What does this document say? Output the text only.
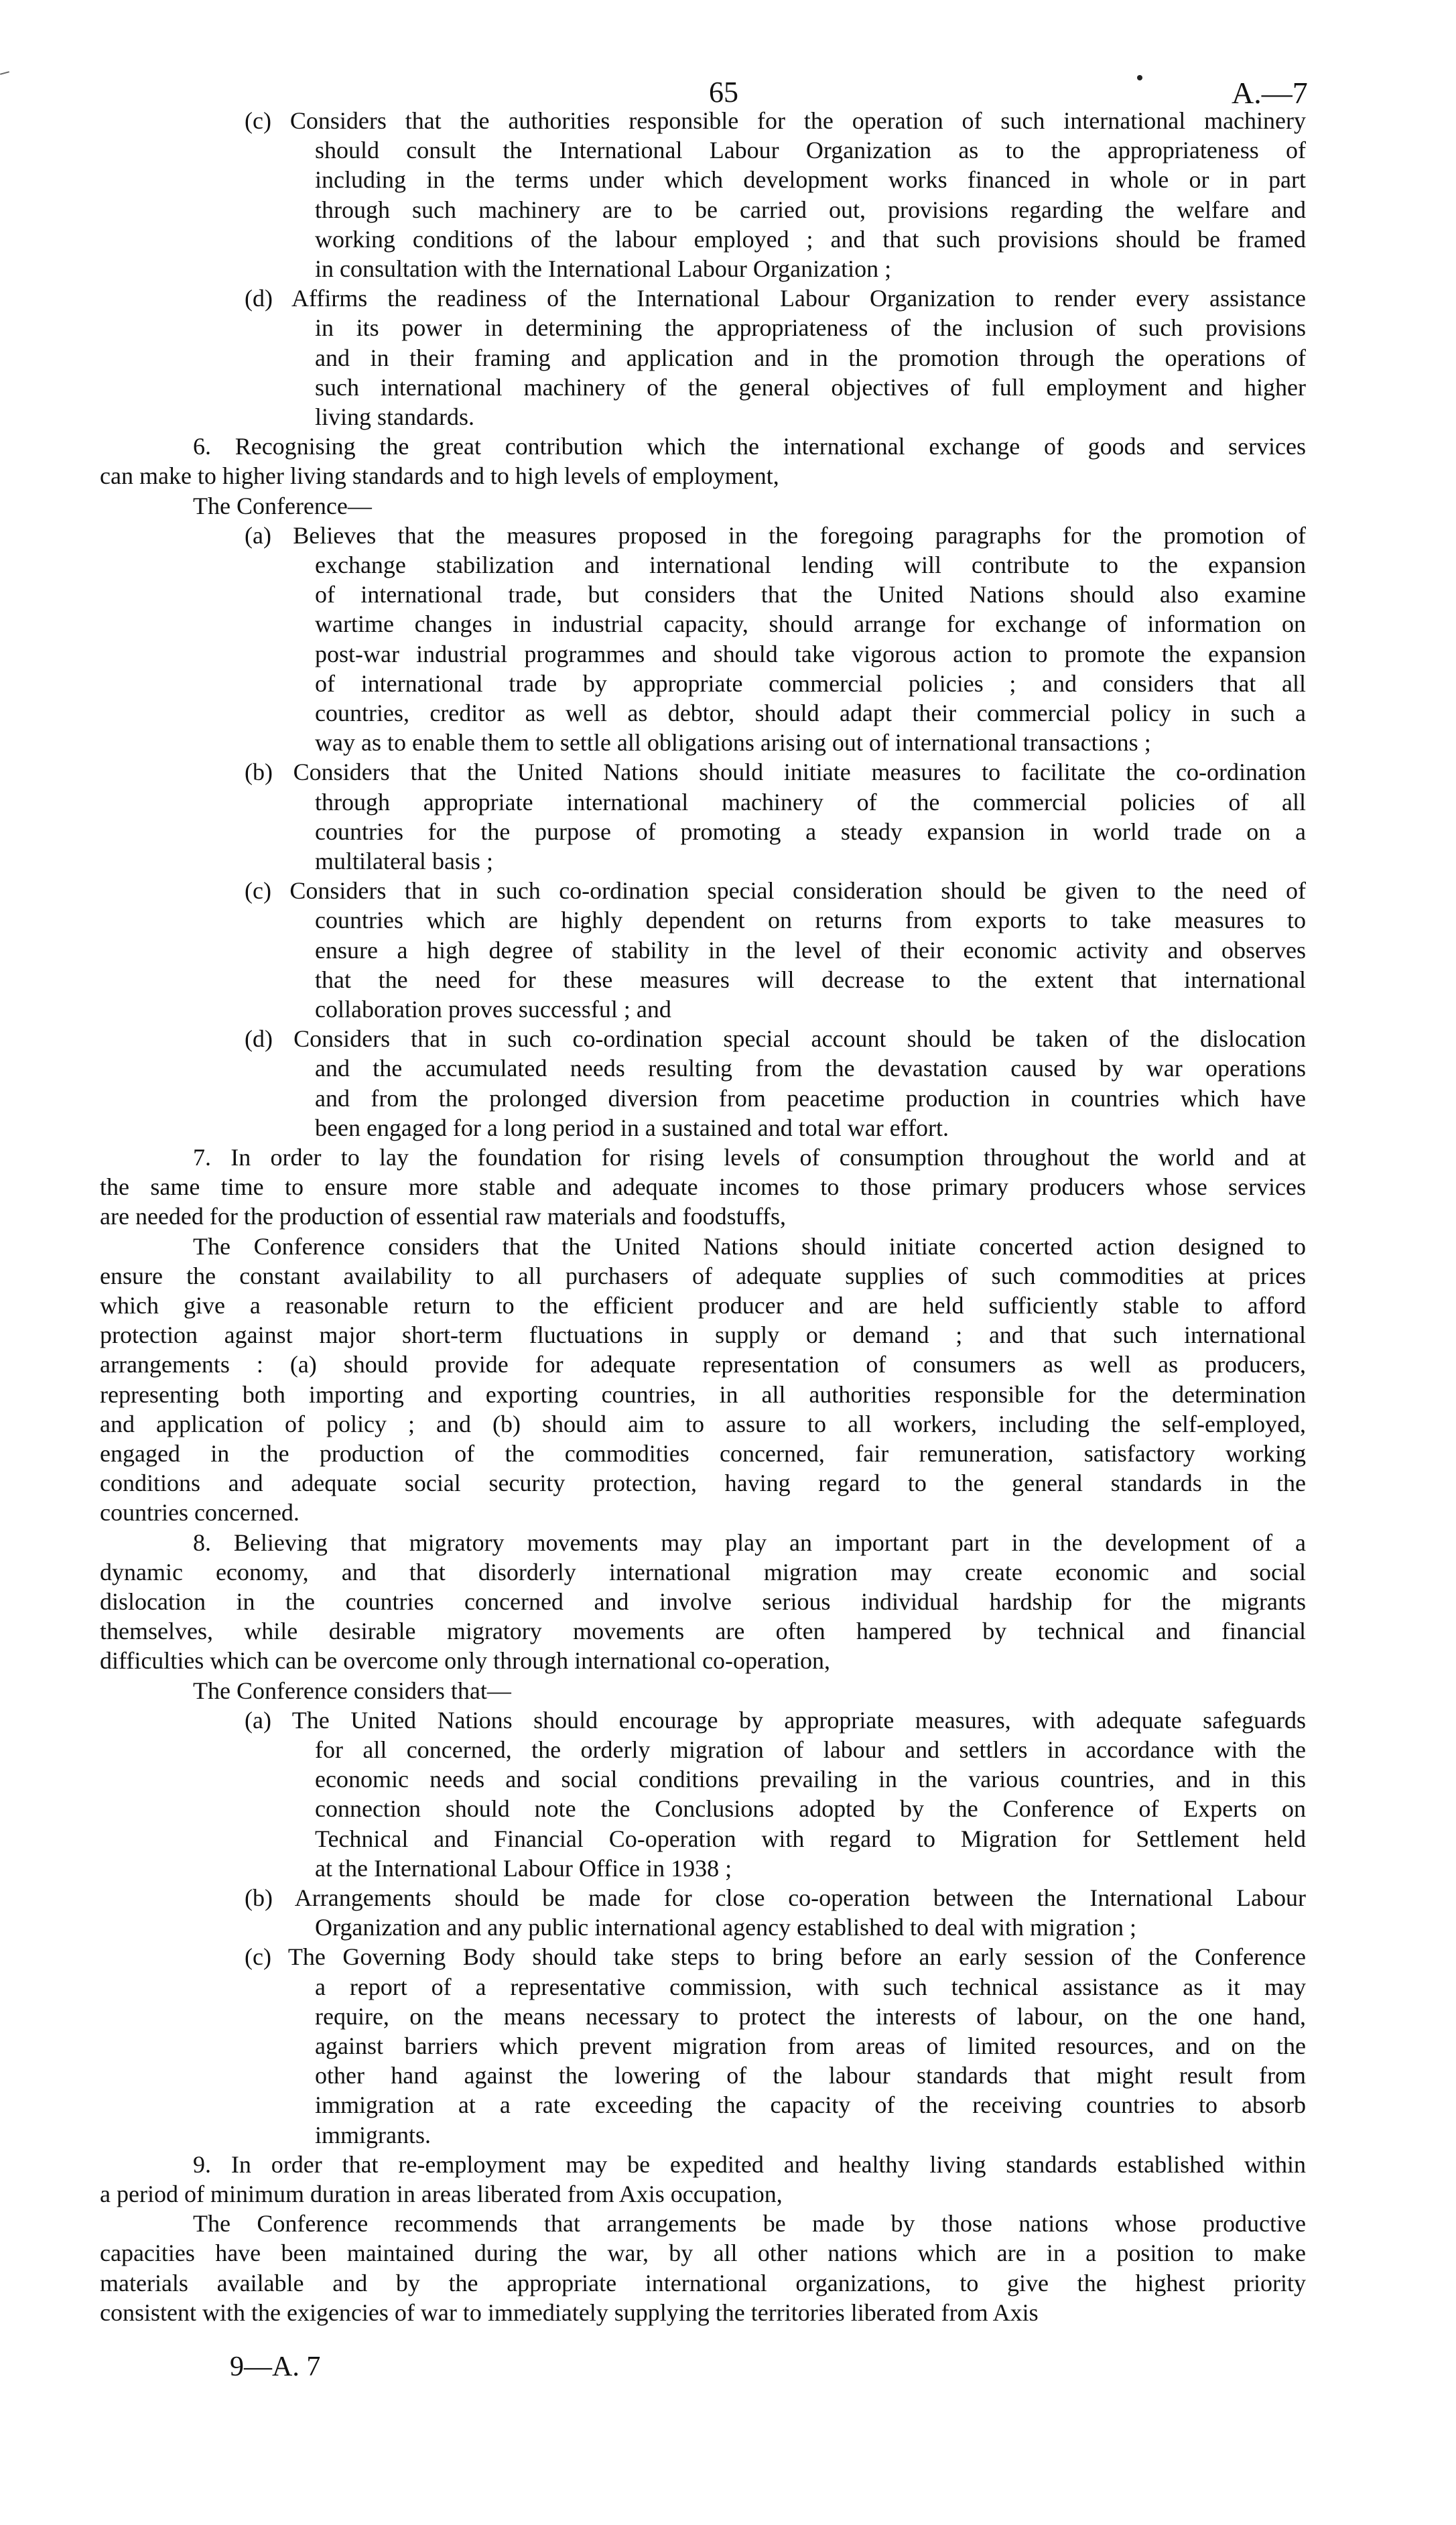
65	A.—7
(c) Considers that the authorities responsible for the operation of such international machinery
should consult the International Labour Organization as to the appropriateness of
including in the terms under which development works financed in whole or in part
through such machinery are to be carried out, provisions regarding the welfare and
working conditions of the labour employed ; and that such provisions should be framed
in consultation with the International Labour Organization ;
(d) Affirms the readiness of the International Labour Organization to render every assistance
in its power in determining the appropriateness of the inclusion of such provisions
and in their framing and application and in the promotion through the operations of
such international machinery of the general objectives of full employment and higher
living standards.
6. Recognising the great contribution which the international exchange of goods and services
can make to higher living standards and to high levels of employment,
The Conference—
(a) Believes that the measures proposed in the foregoing paragraphs for the promotion of
exchange stabilization and international lending will contribute to the expansion
of international trade, but considers that the United Nations should also examine
wartime changes in industrial capacity, should arrange for exchange of information on
post-war industrial programmes and should take vigorous action to promote the expansion
of international trade by appropriate commercial policies ; and considers that all
countries, creditor as well as debtor, should adapt their commercial policy in such a
way as to enable them to settle all obligations arising out of international transactions ;
(b) Considers that the United Nations should initiate measures to facilitate the co-ordination
through appropriate international machinery of the commercial policies of all
countries for the purpose of promoting a steady expansion in world trade on a
multilateral basis ;
(c) Considers that in such co-ordination special consideration should be given to the need of
countries which are highly dependent on returns from exports to take measures to
ensure a high degree of stability in the level of their economic activity and observes
that the need for these measures will decrease to the extent that international
collaboration proves successful ; and
(d) Considers that in such co-ordination special account should be taken of the dislocation
and the accumulated needs resulting from the devastation caused by war operations
and from the prolonged diversion from peacetime production in countries which have
been engaged for a long period in a sustained and total war effort.
7. In order to lay the foundation for rising levels of consumption throughout the world and at
the same time to ensure more stable and adequate incomes to those primary producers whose services
are needed for the production of essential raw materials and foodstuffs,
The Conference considers that the United Nations should initiate concerted action designed to
ensure the constant availability to all purchasers of adequate supplies of such commodities at prices
which give a reasonable return to the efficient producer and are held sufficiently stable to afford
protection against major short-term fluctuations in supply or demand ; and that such international
arrangements : (a) should provide for adequate representation of consumers as well as producers,
representing both importing and exporting countries, in all authorities responsible for the determination
and application of policy ; and (b) should aim to assure to all workers, including the self-employed,
engaged in the production of the commodities concerned, fair remuneration, satisfactory working
conditions and adequate social security protection, having regard to the general standards in the
countries concerned.
8. Believing that migratory movements may play an important part in the development of a
dynamic economy, and that disorderly international migration may create economic and social
dislocation in the countries concerned and involve serious individual hardship for the migrants
themselves, while desirable migratory movements are often hampered by technical and financial
difficulties which can be overcome only through international co-operation,
The Conference considers that—
(a) The United Nations should encourage by appropriate measures, with adequate safeguards
for all concerned, the orderly migration of labour and settlers in accordance with the
economic needs and social conditions prevailing in the various countries, and in this
connection should note the Conclusions adopted by the Conference of Experts on
Technical and Financial Co-operation with regard to Migration for Settlement held
at the International Labour Office in 1938 ;
(b) Arrangements should be made for close co-operation between the International Labour
Organization and any public international agency established to deal with migration ;
(c) The Governing Body should take steps to bring before an early session of the Conference
a report of a representative commission, with such technical assistance as it may
require, on the means necessary to protect the interests of labour, on the one hand,
against barriers which prevent migration from areas of limited resources, and on the
other hand against the lowering of the labour standards that might result from
immigration at a rate exceeding the capacity of the receiving countries to absorb
immigrants.
9. In order that re-employment may be expedited and healthy living standards established within
a period of minimum duration in areas liberated from Axis occupation,
The Conference recommends that arrangements be made by those nations whose productive
capacities have been maintained during the war, by all other nations which are in a position to make
materials available and by the appropriate international organizations, to give the highest priority
consistent with the exigencies of war to immediately supplying the territories liberated from Axis
9—A. 7
